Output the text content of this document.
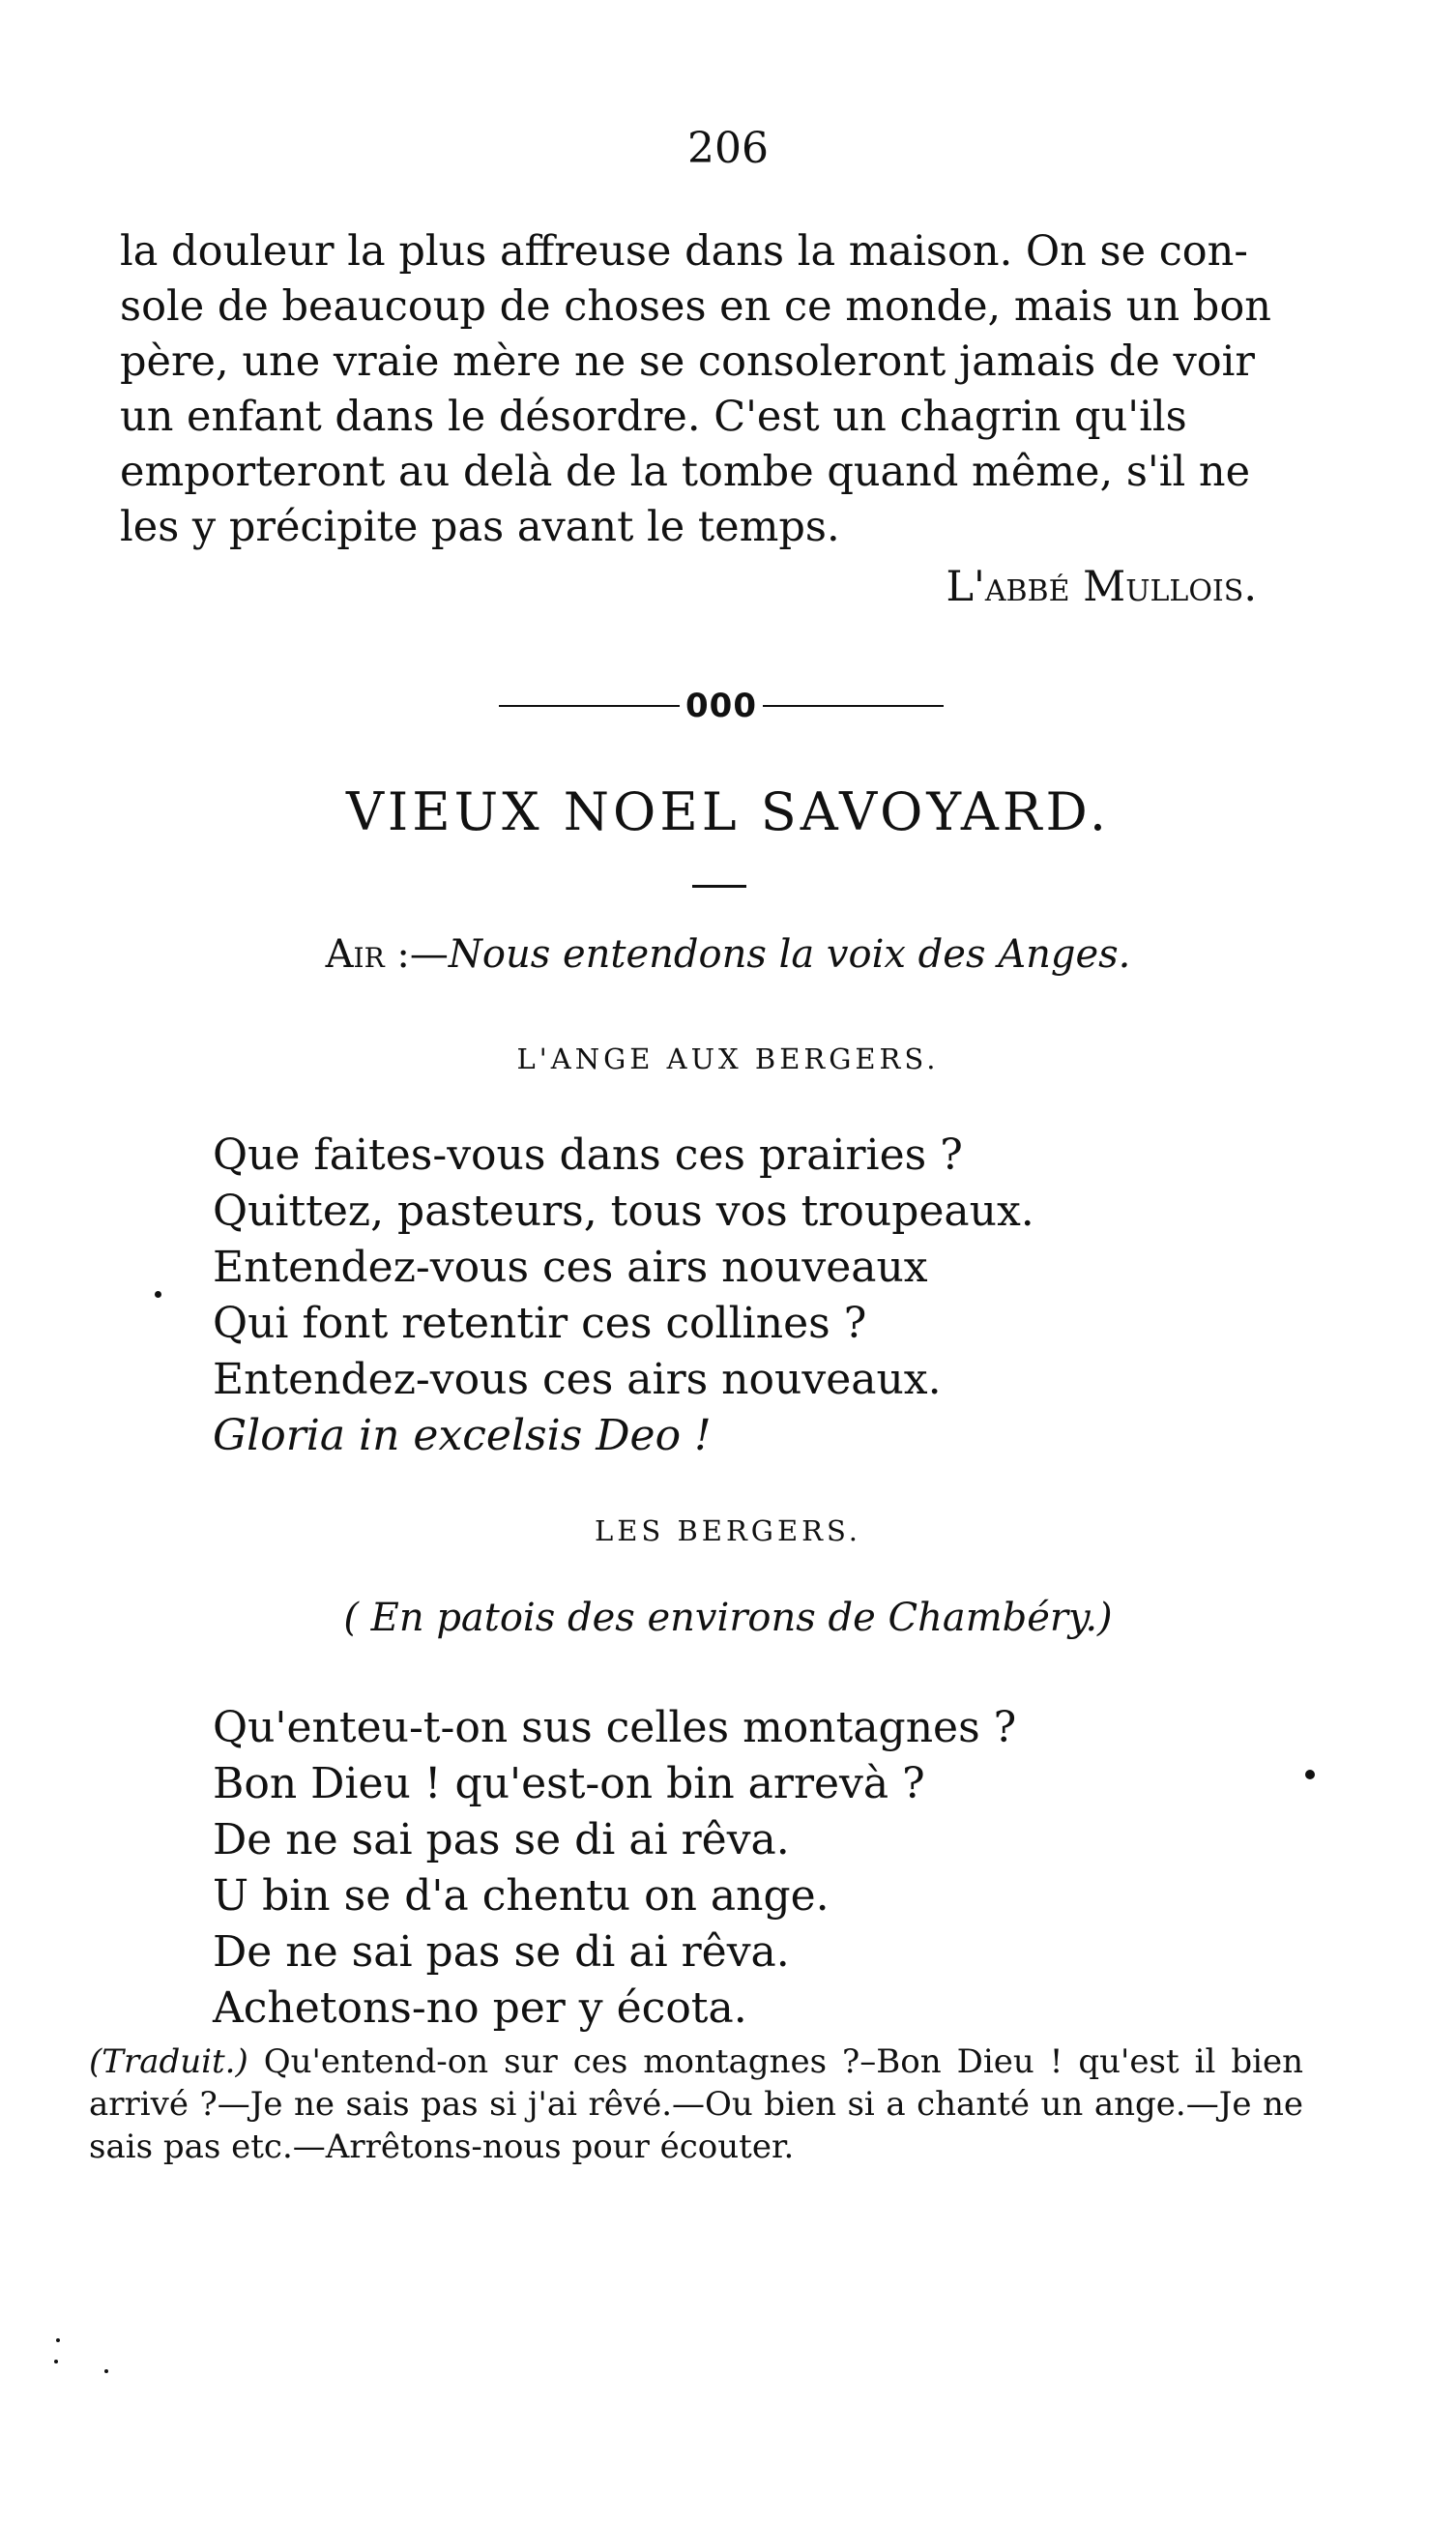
206
la douleur la plus affreuse dans la maison. On se con-
sole de beaucoup de choses en ce monde, mais un bon
père, une vraie mère ne se consoleront jamais de voir
un enfant dans le désordre. C'est un chagrin qu'ils
emporteront au delà de la tombe quand même, s'il ne
les y précipite pas avant le temps.
L'abbé Mullois.
000
VIEUX NOEL SAVOYARD.
Air :—Nous entendons la voix des Anges.
L'ANGE AUX BERGERS.
Que faites-vous dans ces prairies ?
Quittez, pasteurs, tous vos troupeaux.
Entendez-vous ces airs nouveaux
Qui font retentir ces collines ?
Entendez-vous ces airs nouveaux.
Gloria in excelsis Deo !
LES BERGERS.
( En patois des environs de Chambéry.)
Qu'enteu-t-on sus celles montagnes ?
Bon Dieu ! qu'est-on bin arrevà ?
De ne sai pas se di ai rêva.
U bin se d'a chentu on ange.
De ne sai pas se di ai rêva.
Achetons-no per y écota.

(Traduit.) Qu'entend-on sur ces montagnes ?–Bon Dieu ! qu'est il bien arrivé ?—Je ne sais pas si j'ai rêvé.—Ou bien si a chanté un ange.—Je ne sais pas etc.—Arrêtons-nous pour écouter.
